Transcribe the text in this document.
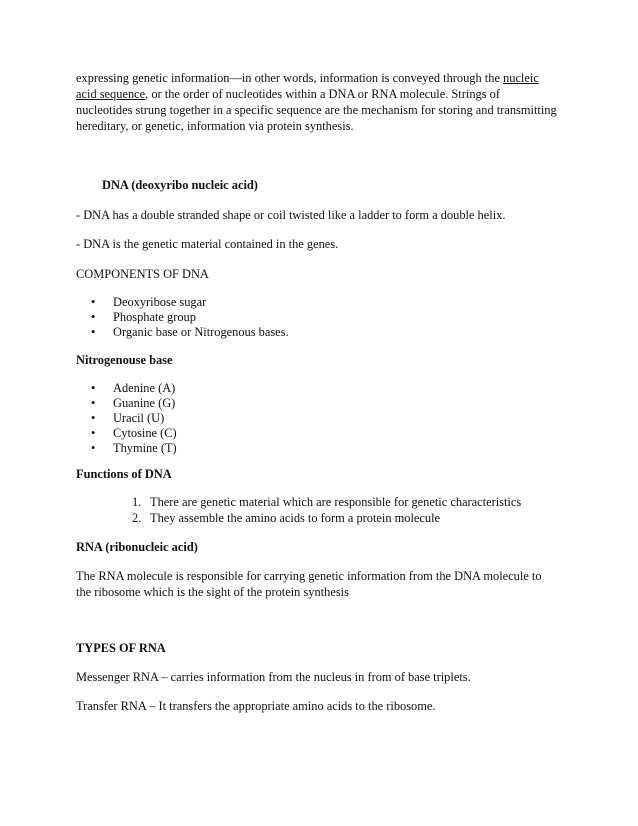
expressing genetic information—in other words, information is conveyed through the nucleic

acid sequence, or the order of nucleotides within a DNA or RNA molecule. Strings of

nucleotides strung together in a specific sequence are the mechanism for storing and transmitting

hereditary, or genetic, information via protein synthesis.

DNA (deoxyribo nucleic acid)

- DNA has a double stranded shape or coil twisted like a ladder to form a double helix.

- DNA is the genetic material contained in the genes.

COMPONENTS OF DNA

• Deoxyribose sugar
• Phosphate group
• Organic base or Nitrogenous bases.

Nitrogenouse base

• Adenine (A)
• Guanine (G)
• Uracil (U)
• Cytosine (C)
• Thymine (T)

Functions of DNA

1. There are genetic material which are responsible for genetic characteristics
2. They assemble the amino acids to form a protein molecule

RNA (ribonucleic acid)

The RNA molecule is responsible for carrying genetic information from the DNA molecule to

the ribosome which is the sight of the protein synthesis

TYPES OF RNA

Messenger RNA – carries information from the nucleus in from of base triplets.

Transfer RNA – It transfers the appropriate amino acids to the ribosome.
